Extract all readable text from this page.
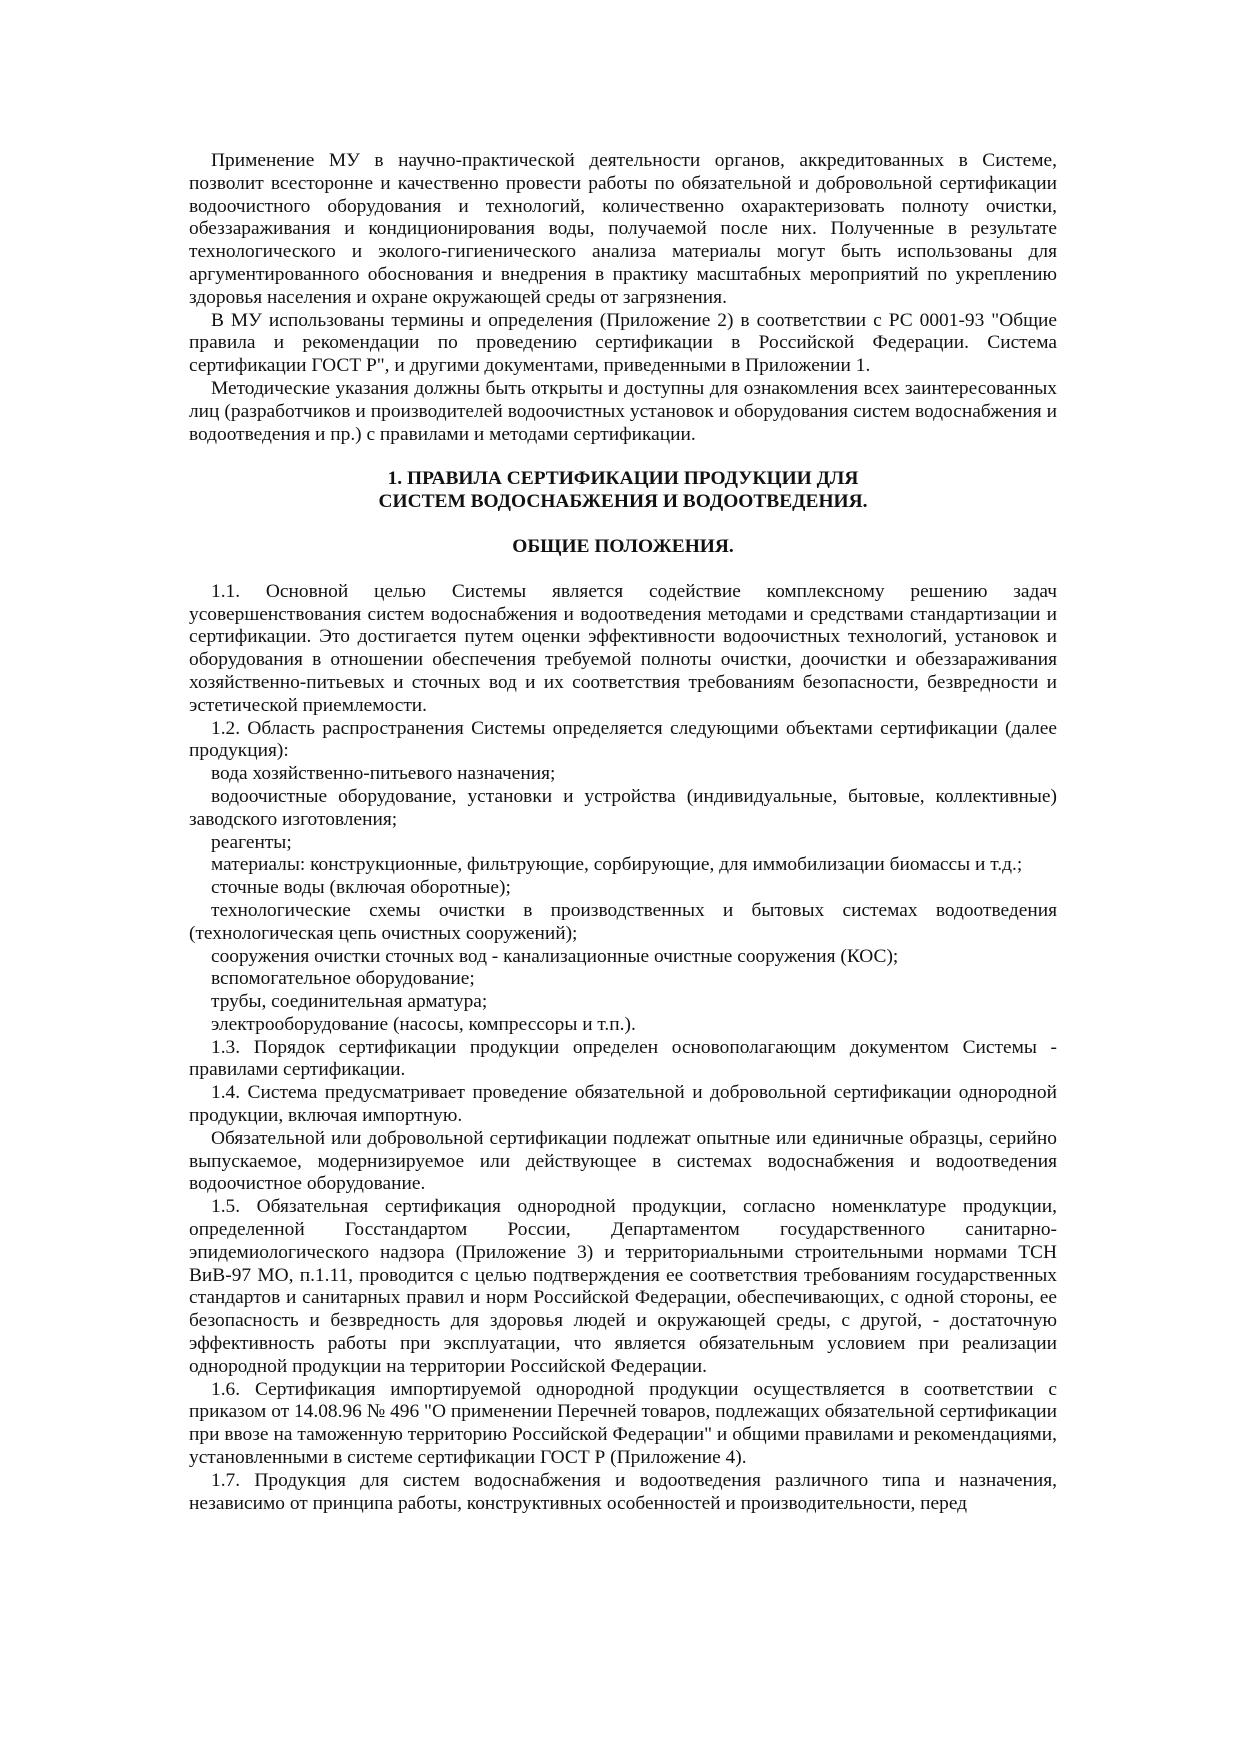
Применение МУ в научно-практической деятельности органов, аккредитованных в Системе, позволит всесторонне и качественно провести работы по обязательной и добровольной сертификации водоочистного оборудования и технологий, количественно охарактеризовать полноту очистки, обеззараживания и кондиционирования воды, получаемой после них. Полученные в результате технологического и эколого-гигиенического анализа материалы могут быть использованы для аргументированного обоснования и внедрения в практику масштабных мероприятий по укреплению здоровья населения и охране окружающей среды от загрязнения.

В МУ использованы термины и определения (Приложение 2) в соответствии с РС 0001-93 "Общие правила и рекомендации по проведению сертификации в Российской Федерации. Система сертификации ГОСТ Р", и другими документами, приведенными в Приложении 1.

Методические указания должны быть открыты и доступны для ознакомления всех заинтересованных лиц (разработчиков и производителей водоочистных установок и оборудования систем водоснабжения и водоотведения и пр.) с правилами и методами сертификации.

1. ПРАВИЛА СЕРТИФИКАЦИИ ПРОДУКЦИИ ДЛЯ
СИСТЕМ ВОДОСНАБЖЕНИЯ И ВОДООТВЕДЕНИЯ.
ОБЩИЕ ПОЛОЖЕНИЯ.

1.1. Основной целью Системы является содействие комплексному решению задач усовершенствования систем водоснабжения и водоотведения методами и средствами стандартизации и сертификации. Это достигается путем оценки эффективности водоочистных технологий, установок и оборудования в отношении обеспечения требуемой полноты очистки, доочистки и обеззараживания хозяйственно-питьевых и сточных вод и их соответствия требованиям безопасности, безвредности и эстетической приемлемости.

1.2. Область распространения Системы определяется следующими объектами сертификации (далее продукция):

вода хозяйственно-питьевого назначения;

водоочистные оборудование, установки и устройства (индивидуальные, бытовые, коллективные) заводского изготовления;

реагенты;

материалы: конструкционные, фильтрующие, сорбирующие, для иммобилизации биомассы и т.д.;

сточные воды (включая оборотные);

технологические схемы очистки в производственных и бытовых системах водоотведения (технологическая цепь очистных сооружений);

сооружения очистки сточных вод - канализационные очистные сооружения (КОС);

вспомогательное оборудование;

трубы, соединительная арматура;

электрооборудование (насосы, компрессоры и т.п.).

1.3. Порядок сертификации продукции определен основополагающим документом Системы - правилами сертификации.

1.4. Система предусматривает проведение обязательной и добровольной сертификации однородной продукции, включая импортную.

Обязательной или добровольной сертификации подлежат опытные или единичные образцы, серийно выпускаемое, модернизируемое или действующее в системах водоснабжения и водоотведения водоочистное оборудование.

1.5. Обязательная сертификация однородной продукции, согласно номенклатуре продукции, определенной Госстандартом России, Департаментом государственного санитарно-эпидемиологического надзора (Приложение 3) и территориальными строительными нормами ТСН ВиВ-97 МО, п.1.11, проводится с целью подтверждения ее соответствия требованиям государственных стандартов и санитарных правил и норм Российской Федерации, обеспечивающих, с одной стороны, ее безопасность и безвредность для здоровья людей и окружающей среды, с другой, - достаточную эффективность работы при эксплуатации, что является обязательным условием при реализации однородной продукции на территории Российской Федерации.

1.6. Сертификация импортируемой однородной продукции осуществляется в соответствии с приказом от 14.08.96 № 496 "О применении Перечней товаров, подлежащих обязательной сертификации при ввозе на таможенную территорию Российской Федерации" и общими правилами и рекомендациями, установленными в системе сертификации ГОСТ Р (Приложение 4).

1.7. Продукция для систем водоснабжения и водоотведения различного типа и назначения, независимо от принципа работы, конструктивных особенностей и производительности, перед
